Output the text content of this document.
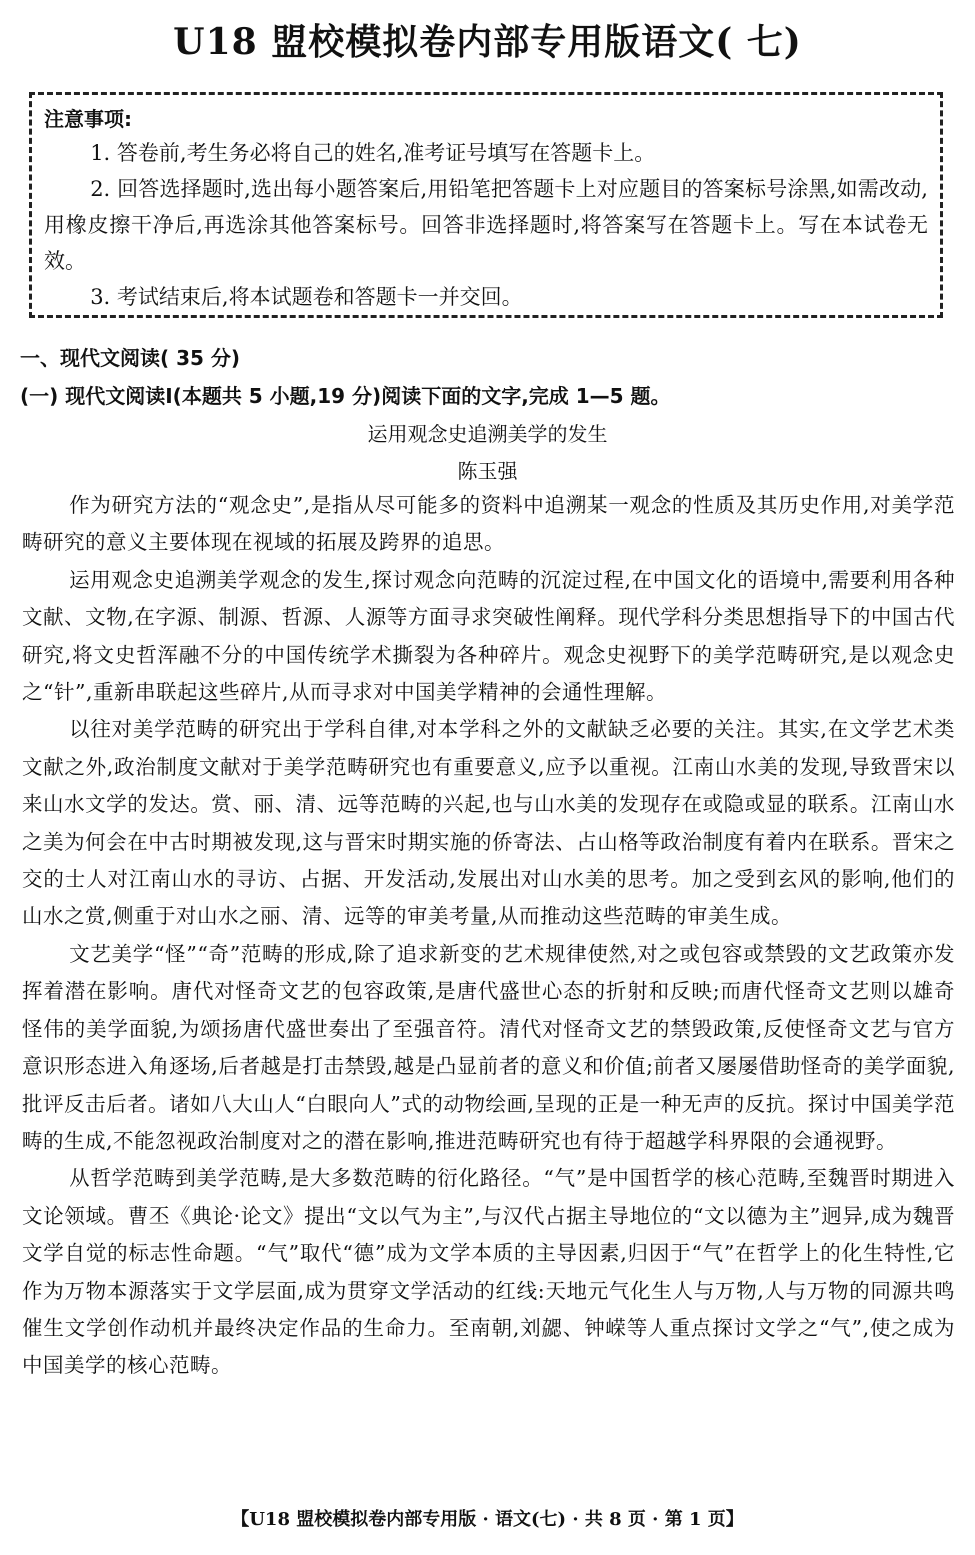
U18 盟校模拟卷内部专用版语文( 七)
注意事项:

1. 答卷前,考生务必将自己的姓名,准考证号填写在答题卡上。

2. 回答选择题时,选出每小题答案后,用铅笔把答题卡上对应题目的答案标号涂黑,如需改动,用橡皮擦干净后,再选涂其他答案标号。回答非选择题时,将答案写在答题卡上。写在本试卷无效。

3. 考试结束后,将本试题卷和答题卡一并交回。

一、现代文阅读( 35 分)
(一) 现代文阅读Ⅰ(本题共 5 小题,19 分)阅读下面的文字,完成 1—5 题。
运用观念史追溯美学的发生
陈玉强

作为研究方法的“观念史”,是指从尽可能多的资料中追溯某一观念的性质及其历史作用,对美学范畴研究的意义主要体现在视域的拓展及跨界的追思。

运用观念史追溯美学观念的发生,探讨观念向范畴的沉淀过程,在中国文化的语境中,需要利用各种文献、文物,在字源、制源、哲源、人源等方面寻求突破性阐释。现代学科分类思想指导下的中国古代研究,将文史哲浑融不分的中国传统学术撕裂为各种碎片。观念史视野下的美学范畴研究,是以观念史之“针”,重新串联起这些碎片,从而寻求对中国美学精神的会通性理解。

以往对美学范畴的研究出于学科自律,对本学科之外的文献缺乏必要的关注。其实,在文学艺术类文献之外,政治制度文献对于美学范畴研究也有重要意义,应予以重视。江南山水美的发现,导致晋宋以来山水文学的发达。赏、丽、清、远等范畴的兴起,也与山水美的发现存在或隐或显的联系。江南山水之美为何会在中古时期被发现,这与晋宋时期实施的侨寄法、占山格等政治制度有着内在联系。晋宋之交的士人对江南山水的寻访、占据、开发活动,发展出对山水美的思考。加之受到玄风的影响,他们的山水之赏,侧重于对山水之丽、清、远等的审美考量,从而推动这些范畴的审美生成。

文艺美学“怪”“奇”范畴的形成,除了追求新变的艺术规律使然,对之或包容或禁毁的文艺政策亦发挥着潜在影响。唐代对怪奇文艺的包容政策,是唐代盛世心态的折射和反映;而唐代怪奇文艺则以雄奇怪伟的美学面貌,为颂扬唐代盛世奏出了至强音符。清代对怪奇文艺的禁毁政策,反使怪奇文艺与官方意识形态进入角逐场,后者越是打击禁毁,越是凸显前者的意义和价值;前者又屡屡借助怪奇的美学面貌,批评反击后者。诸如八大山人“白眼向人”式的动物绘画,呈现的正是一种无声的反抗。探讨中国美学范畴的生成,不能忽视政治制度对之的潜在影响,推进范畴研究也有待于超越学科界限的会通视野。

从哲学范畴到美学范畴,是大多数范畴的衍化路径。“气”是中国哲学的核心范畴,至魏晋时期进入文论领域。曹丕《典论·论文》提出“文以气为主”,与汉代占据主导地位的“文以德为主”迥异,成为魏晋文学自觉的标志性命题。“气”取代“德”成为文学本质的主导因素,归因于“气”在哲学上的化生特性,它作为万物本源落实于文学层面,成为贯穿文学活动的红线:天地元气化生人与万物,人与万物的同源共鸣催生文学创作动机并最终决定作品的生命力。至南朝,刘勰、钟嵘等人重点探讨文学之“气”,使之成为中国美学的核心范畴。

【U18 盟校模拟卷内部专用版 · 语文(七) · 共 8 页 · 第 1 页】
